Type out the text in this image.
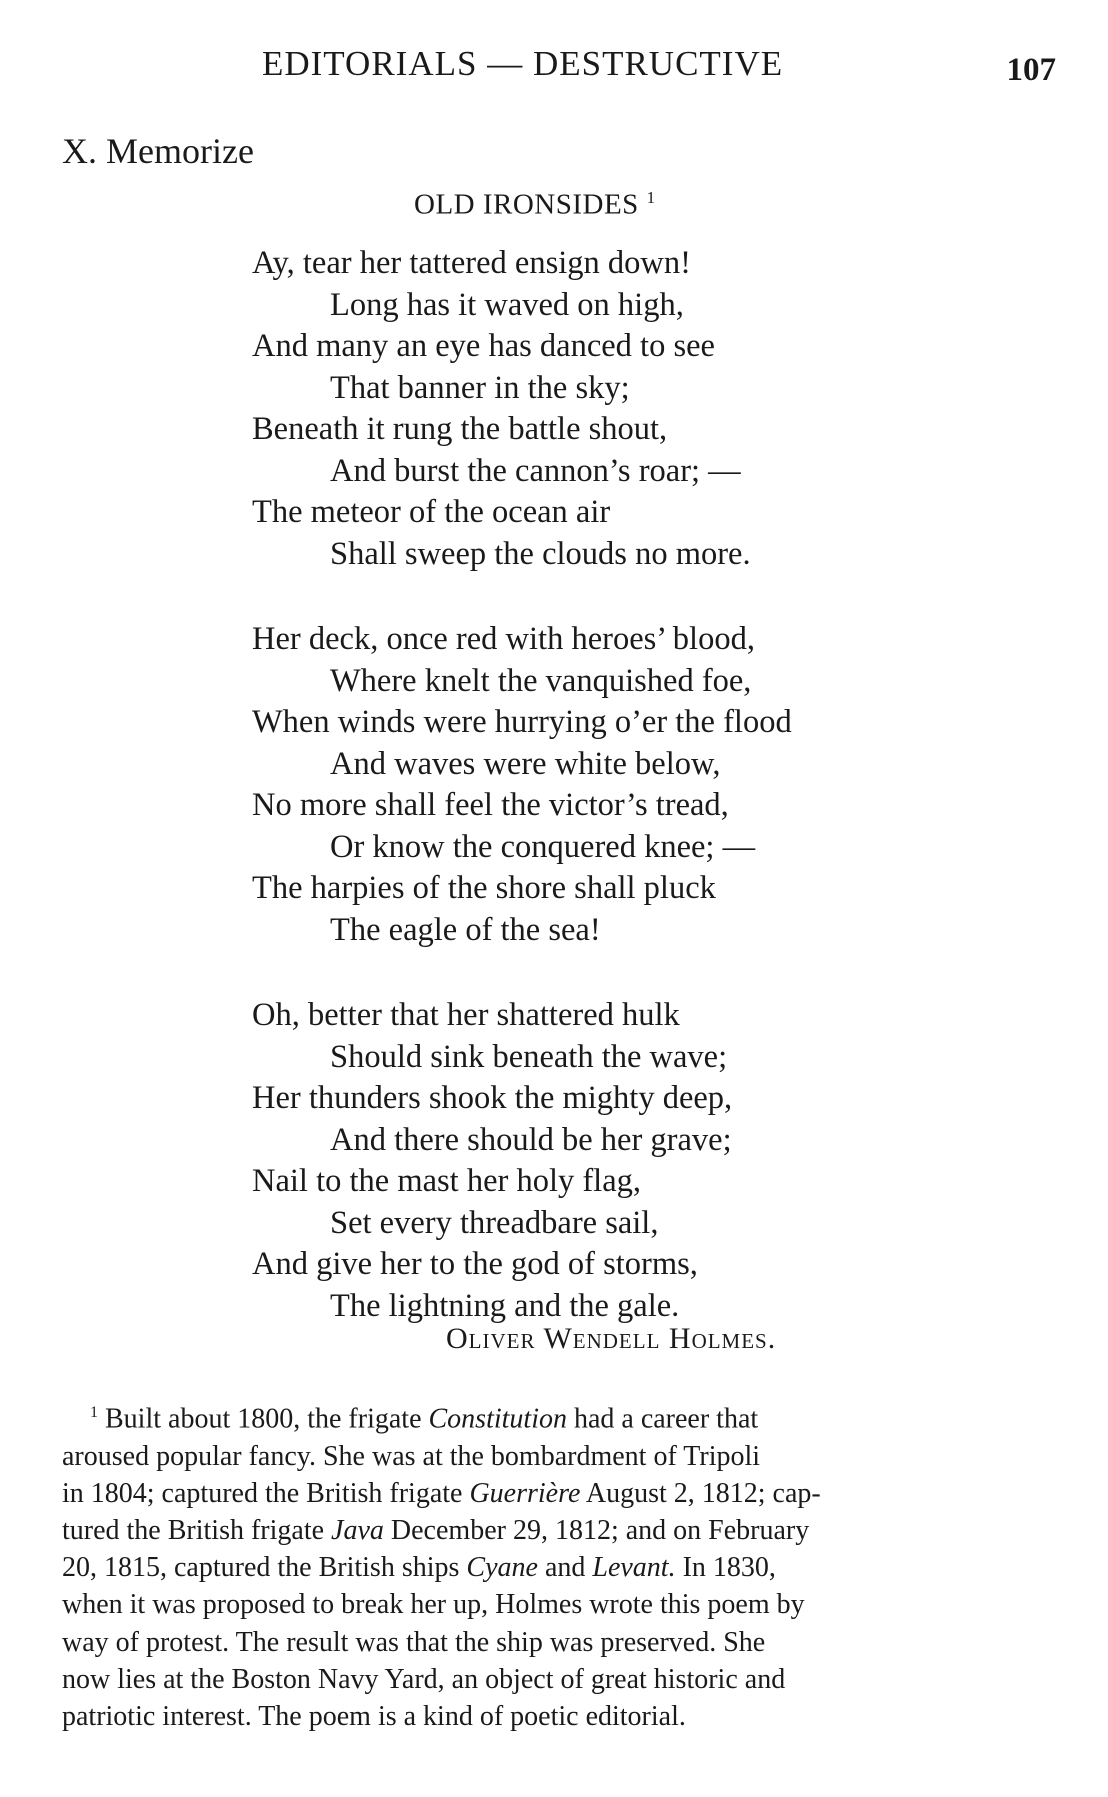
EDITORIALS — DESTRUCTIVE	107
X. Memorize
OLD IRONSIDES $^1$
Ay, tear her tattered ensign down!
Long has it waved on high,
And many an eye has danced to see
That banner in the sky;
Beneath it rung the battle shout,
And burst the cannon’s roar; —
The meteor of the ocean air
Shall sweep the clouds no more.
Her deck, once red with heroes’ blood,
Where knelt the vanquished foe,
When winds were hurrying o’er the flood
And waves were white below,
No more shall feel the victor’s tread,
Or know the conquered knee; —
The harpies of the shore shall pluck
The eagle of the sea!
Oh, better that her shattered hulk
Should sink beneath the wave;
Her thunders shook the mighty deep,
And there should be her grave;
Nail to the mast her holy flag,
Set every threadbare sail,
And give her to the god of storms,
The lightning and the gale.
Oliver Wendell Holmes.
$^1$ Built about 1800, the frigate Constitution had a career that
aroused popular fancy. She was at the bombardment of Tripoli
in 1804; captured the British frigate Guerrière August 2, 1812; cap-
tured the British frigate Java December 29, 1812; and on February
20, 1815, captured the British ships Cyane and Levant. In 1830,
when it was proposed to break her up, Holmes wrote this poem by
way of protest. The result was that the ship was preserved. She
now lies at the Boston Navy Yard, an object of great historic and
patriotic interest. The poem is a kind of poetic editorial.
